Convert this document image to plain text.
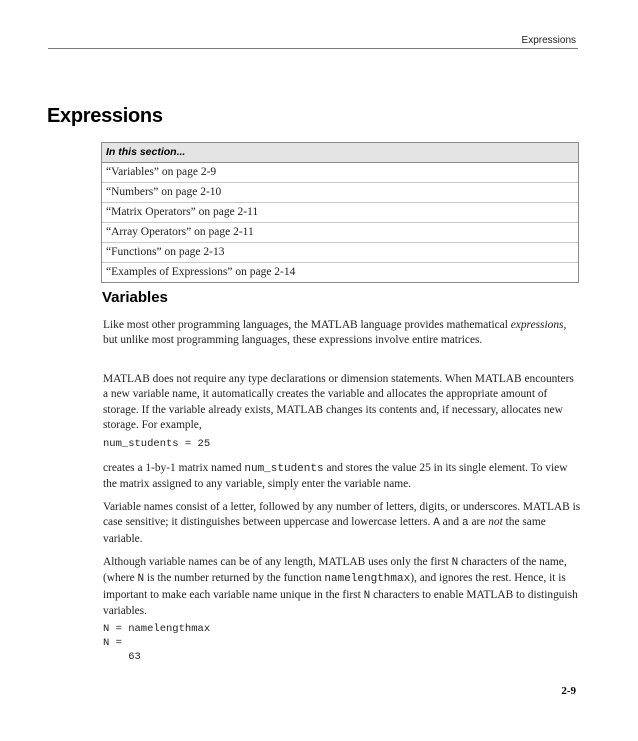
Expressions
Expressions
In this section...
“Variables” on page 2-9
“Numbers” on page 2-10
“Matrix Operators” on page 2-11
“Array Operators” on page 2-11
“Functions” on page 2-13
“Examples of Expressions” on page 2-14
Variables

Like most other programming languages, the MATLAB language provides mathematical expressions, but unlike most programming languages, these expressions involve entire matrices.

MATLAB does not require any type declarations or dimension statements. When MATLAB encounters a new variable name, it automatically creates the variable and allocates the appropriate amount of storage. If the variable already exists, MATLAB changes its contents and, if necessary, allocates new storage. For example,

num_students = 25

creates a 1-by-1 matrix named num_students and stores the value 25 in its single element. To view the matrix assigned to any variable, simply enter the variable name.

Variable names consist of a letter, followed by any number of letters, digits, or underscores. MATLAB is case sensitive; it distinguishes between uppercase and lowercase letters. A and a are not the same variable.

Although variable names can be of any length, MATLAB uses only the first N characters of the name, (where N is the number returned by the function namelengthmax), and ignores the rest. Hence, it is important to make each variable name unique in the first N characters to enable MATLAB to distinguish variables.

N = namelengthmax
N =
63
2-9
